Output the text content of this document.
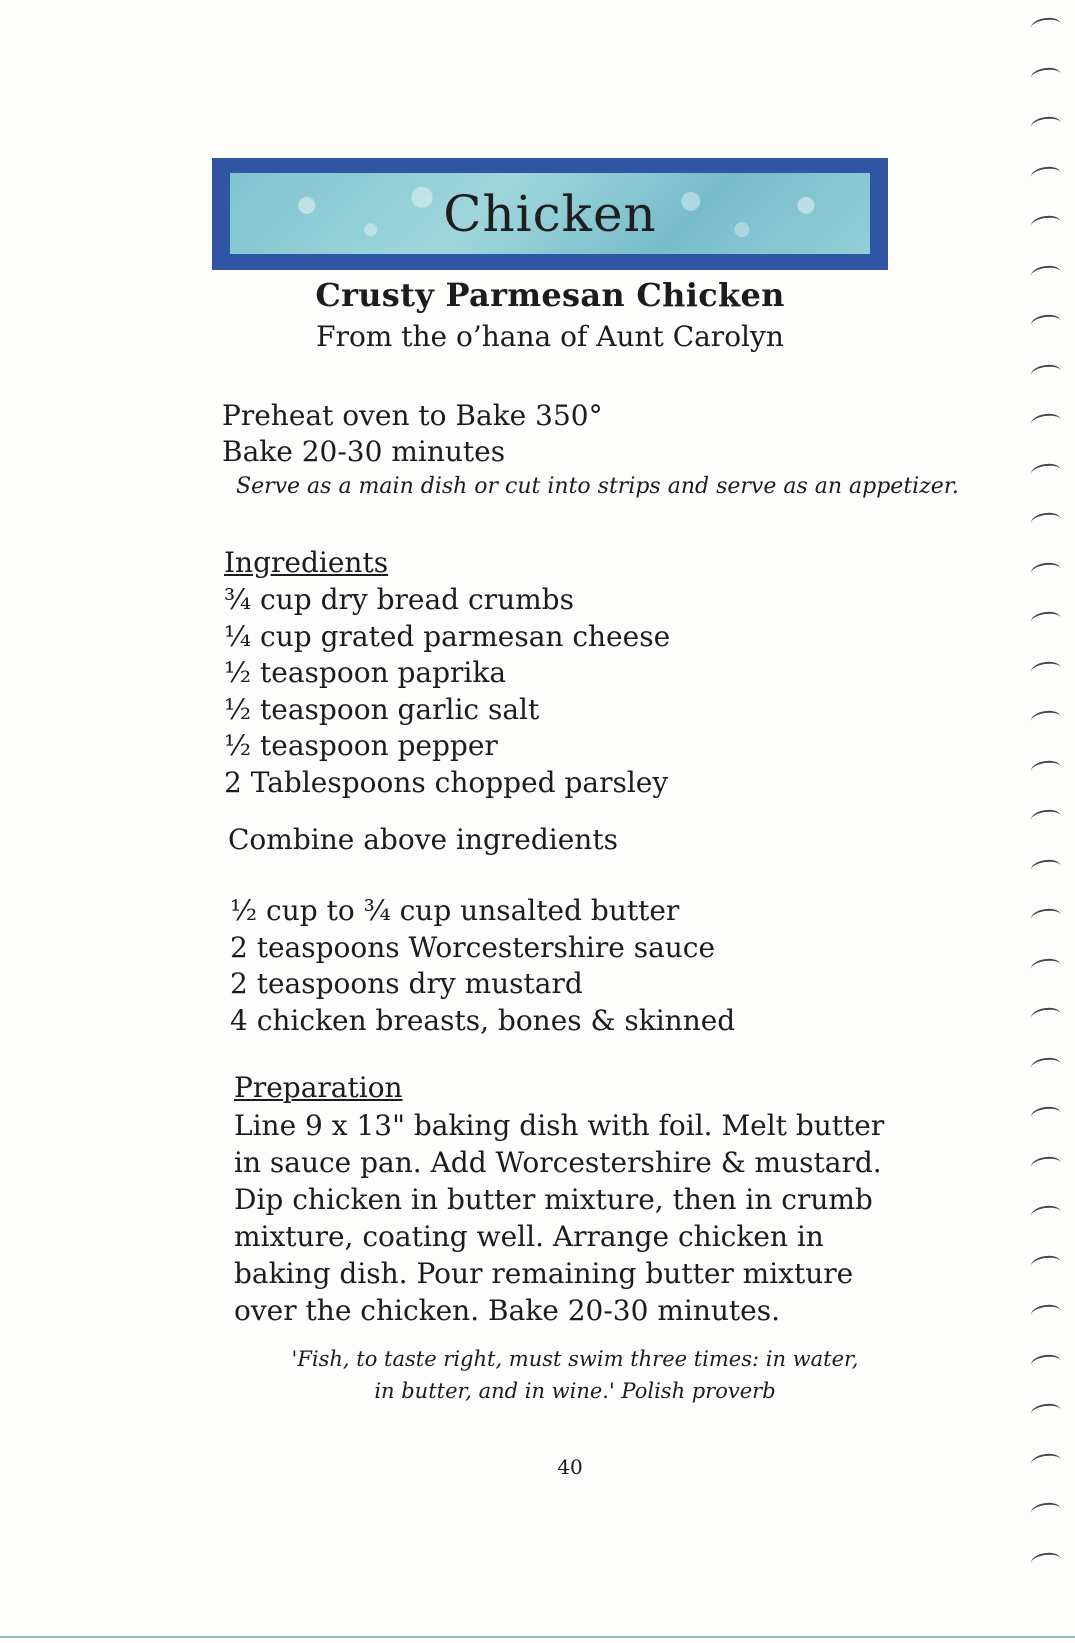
Chicken
Crusty Parmesan Chicken
From the o’hana of Aunt Carolyn
Preheat oven to Bake 350°
Bake 20-30 minutes
Serve as a main dish or cut into strips and serve as an appetizer.
Ingredients
¾ cup dry bread crumbs
¼ cup grated parmesan cheese
½ teaspoon paprika
½ teaspoon garlic salt
½ teaspoon pepper
2 Tablespoons chopped parsley
Combine above ingredients
½ cup to ¾ cup unsalted butter
2 teaspoons Worcestershire sauce
2 teaspoons dry mustard
4 chicken breasts, bones & skinned
Preparation
Line 9 x 13" baking dish with foil. Melt butter in sauce pan. Add Worcestershire & mustard. Dip chicken in butter mixture, then in crumb mixture, coating well. Arrange chicken in baking dish. Pour remaining butter mixture over the chicken. Bake 20-30 minutes.
'Fish, to taste right, must swim three times: in water,
in butter, and in wine.' Polish proverb
40
